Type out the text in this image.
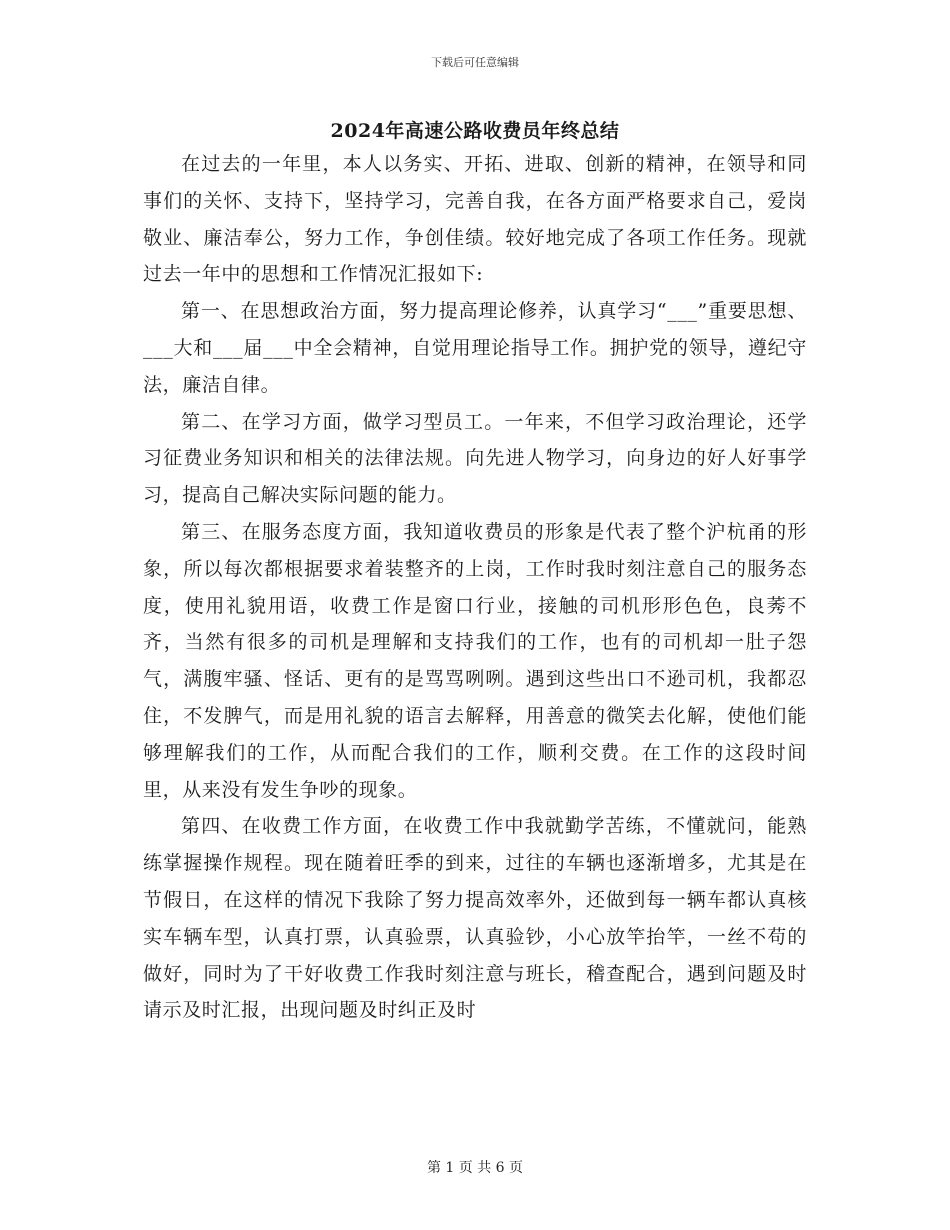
下载后可任意编辑
2024年高速公路收费员年终总结

在过去的一年里，本人以务实、开拓、进取、创新的精神，在领导和同事们的关怀、支持下，坚持学习，完善自我，在各方面严格要求自己，爱岗敬业、廉洁奉公，努力工作，争创佳绩。较好地完成了各项工作任务。现就过去一年中的思想和工作情况汇报如下:

第一、在思想政治方面，努力提高理论修养，认真学习“___”重要思想、___大和___届___中全会精神，自觉用理论指导工作。拥护党的领导，遵纪守法，廉洁自律。

第二、在学习方面，做学习型员工。一年来，不但学习政治理论，还学习征费业务知识和相关的法律法规。向先进人物学习，向身边的好人好事学习，提高自己解决实际问题的能力。

第三、在服务态度方面，我知道收费员的形象是代表了整个沪杭甬的形象，所以每次都根据要求着装整齐的上岗，工作时我时刻注意自己的服务态度，使用礼貌用语，收费工作是窗口行业，接触的司机形形色色，良莠不齐，当然有很多的司机是理解和支持我们的工作，也有的司机却一肚子怨气，满腹牢骚、怪话、更有的是骂骂咧咧。遇到这些出口不逊司机，我都忍住，不发脾气，而是用礼貌的语言去解释，用善意的微笑去化解，使他们能够理解我们的工作，从而配合我们的工作，顺利交费。在工作的这段时间里，从来没有发生争吵的现象。

第四、在收费工作方面，在收费工作中我就勤学苦练，不懂就问，能熟练掌握操作规程。现在随着旺季的到来，过往的车辆也逐渐增多，尤其是在节假日，在这样的情况下我除了努力提高效率外，还做到每一辆车都认真核实车辆车型，认真打票，认真验票，认真验钞，小心放竿抬竿，一丝不苟的做好，同时为了干好收费工作我时刻注意与班长，稽查配合，遇到问题及时请示及时汇报，出现问题及时纠正及时

第 1 页 共 6 页
